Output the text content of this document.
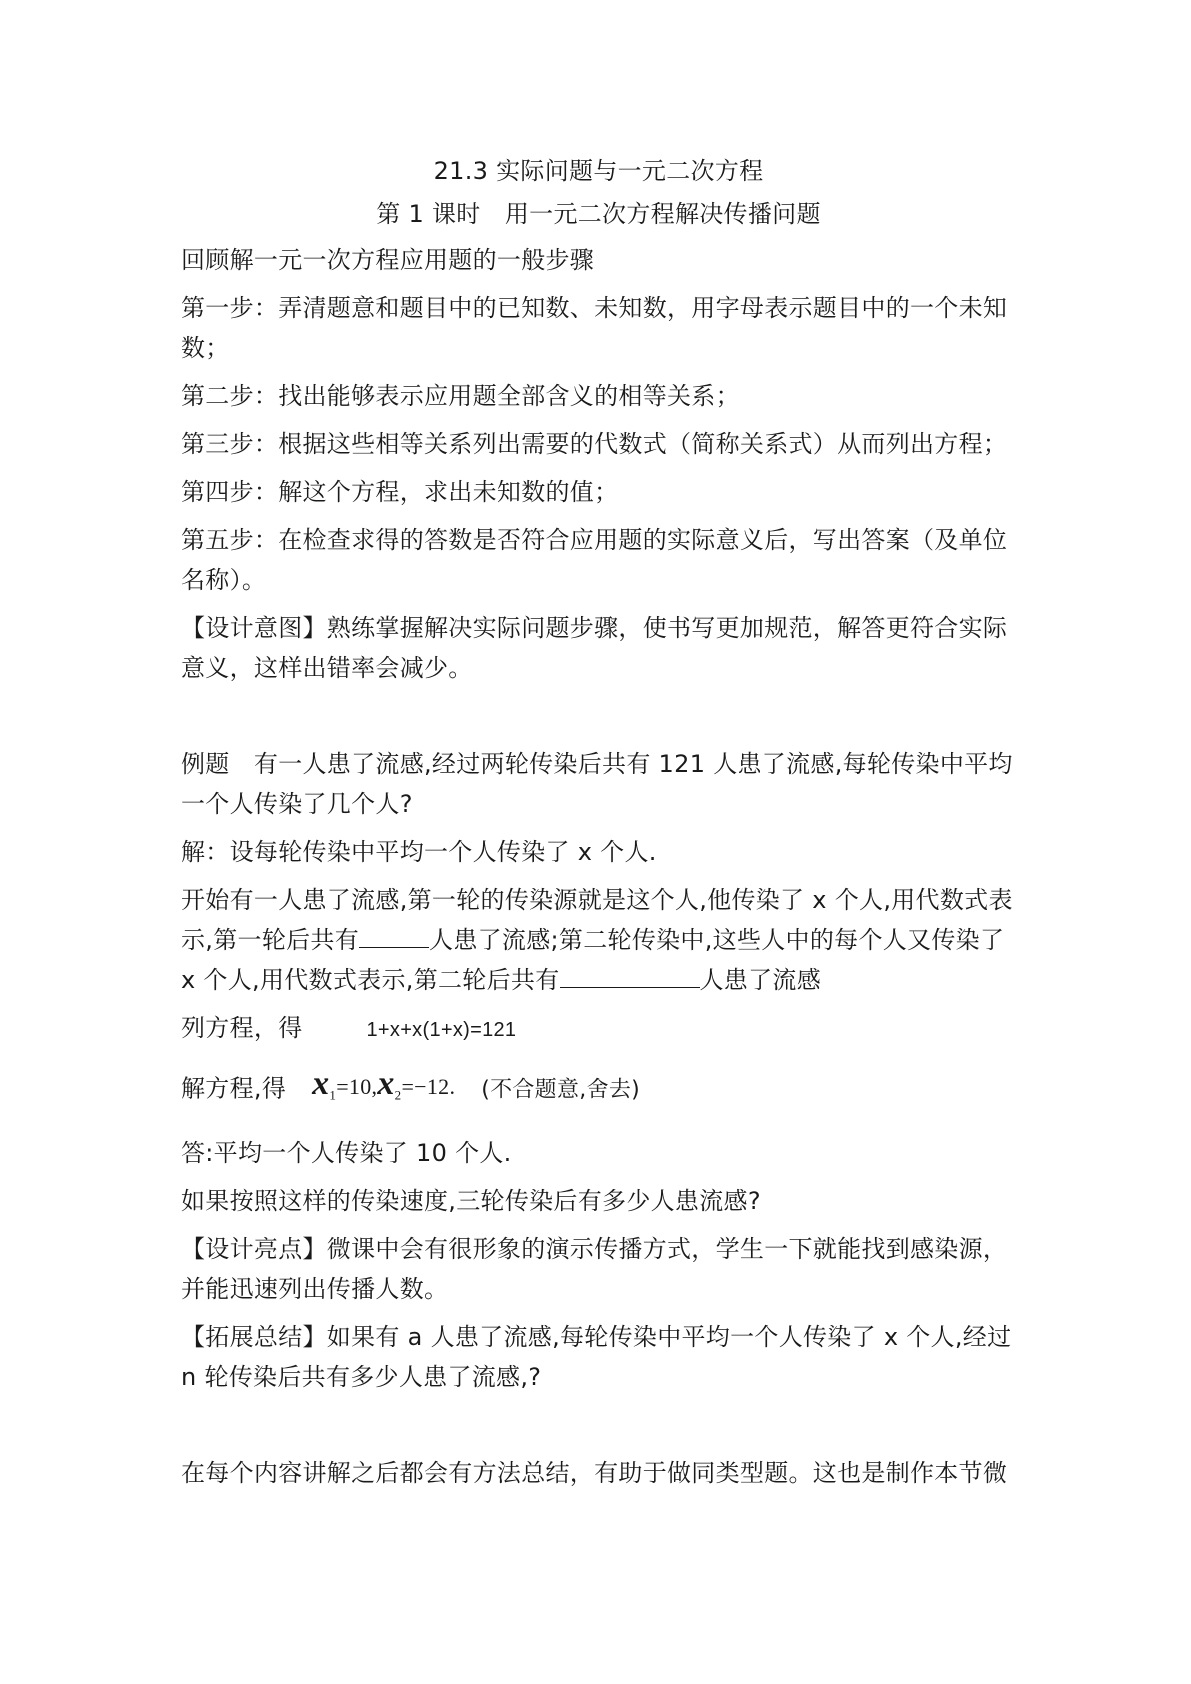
21.3 实际问题与一元二次方程
第 1 课时　用一元二次方程解决传播问题

回顾解一元一次方程应用题的一般步骤

第一步：弄清题意和题目中的已知数、未知数，用字母表示题目中的一个未知数；

第二步：找出能够表示应用题全部含义的相等关系；

第三步：根据这些相等关系列出需要的代数式（简称关系式）从而列出方程；

第四步：解这个方程，求出未知数的值；

第五步：在检查求得的答数是否符合应用题的实际意义后，写出答案（及单位名称）。

【设计意图】熟练掌握解决实际问题步骤，使书写更加规范，解答更符合实际意义，这样出错率会减少。

例题　有一人患了流感,经过两轮传染后共有 121 人患了流感,每轮传染中平均一个人传染了几个人?

解：设每轮传染中平均一个人传染了 x 个人.

开始有一人患了流感,第一轮的传染源就是这个人,他传染了 x 个人,用代数式表示,第一轮后共有	人患了流感;第二轮传染中,这些人中的每个人又传染了 x 个人,用代数式表示,第二轮后共有	人患了流感

列方程，得	1+x+x(1+x)=121

解方程,得 $x_1=10,x_2=-12$. (不合题意,舍去)

答:平均一个人传染了 10 个人.

如果按照这样的传染速度,三轮传染后有多少人患流感?

【设计亮点】微课中会有很形象的演示传播方式，学生一下就能找到感染源，并能迅速列出传播人数。

【拓展总结】如果有 a 人患了流感,每轮传染中平均一个人传染了 x 个人,经过 n 轮传染后共有多少人患了流感,?

在每个内容讲解之后都会有方法总结，有助于做同类型题。这也是制作本节微
